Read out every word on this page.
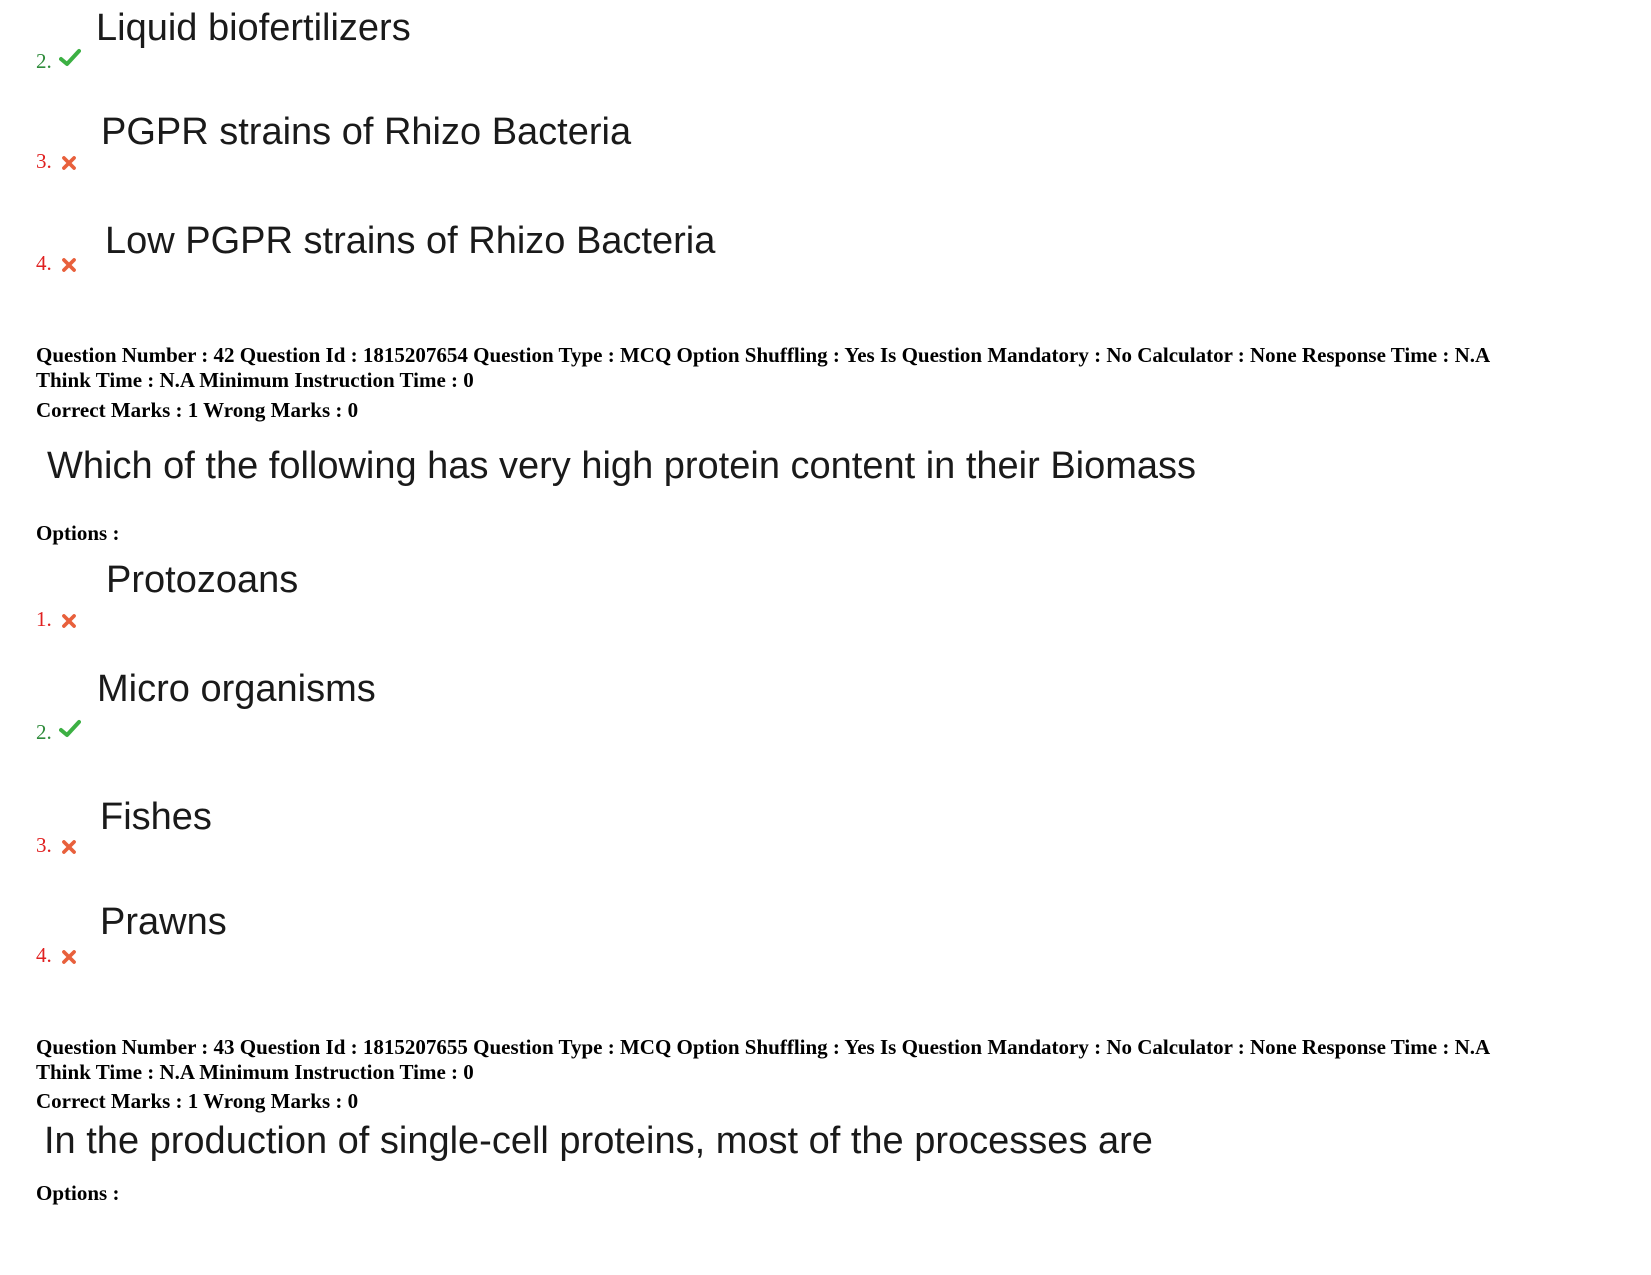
Liquid biofertilizers
2.
PGPR strains of Rhizo Bacteria
3.
Low PGPR strains of Rhizo Bacteria
4.
Question Number : 42 Question Id : 1815207654 Question Type : MCQ Option Shuffling : Yes Is Question Mandatory : No Calculator : None Response Time : N.A
Think Time : N.A Minimum Instruction Time : 0
Correct Marks : 1 Wrong Marks : 0
Which of the following has very high protein content in their Biomass
Options :
Protozoans
1.
Micro organisms
2.
Fishes
3.
Prawns
4.
Question Number : 43 Question Id : 1815207655 Question Type : MCQ Option Shuffling : Yes Is Question Mandatory : No Calculator : None Response Time : N.A
Think Time : N.A Minimum Instruction Time : 0
Correct Marks : 1 Wrong Marks : 0
In the production of single-cell proteins, most of the processes are
Options :
